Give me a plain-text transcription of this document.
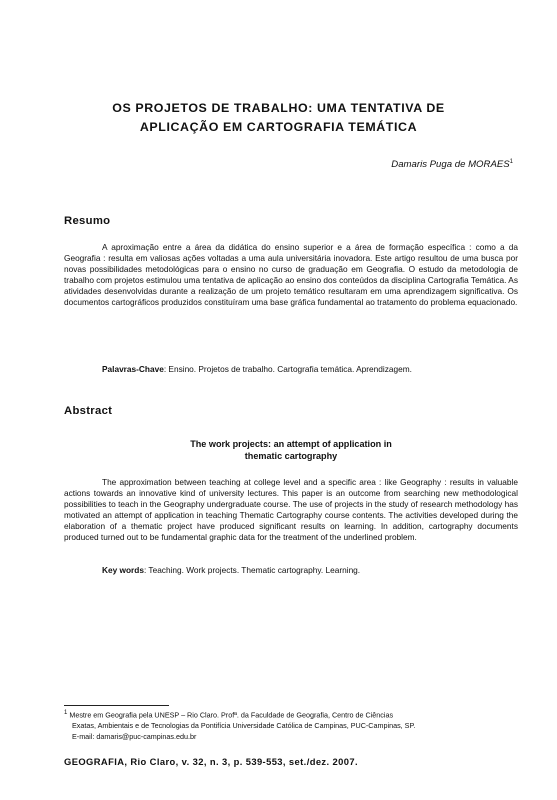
OS PROJETOS DE TRABALHO: UMA TENTATIVA DE
APLICAÇÃO EM CARTOGRAFIA TEMÁTICA
Damaris Puga de MORAES$^1$
Resumo

A aproximação entre a área da didática do ensino superior e a área de formação específica : como a da Geografia : resulta em valiosas ações voltadas a uma aula universitária inovadora. Este artigo resultou de uma busca por novas possibilidades metodológicas para o ensino no curso de graduação em Geografia. O estudo da metodologia de trabalho com projetos estimulou uma tentativa de aplicação ao ensino dos conteúdos da disciplina Cartografia Temática. As atividades desenvolvidas durante a realização de um projeto temático resultaram em uma aprendizagem significativa. Os documentos cartográficos produzidos constituíram uma base gráfica fundamental ao tratamento do problema equacionado.

Palavras-Chave: Ensino. Projetos de trabalho. Cartografia temática. Aprendizagem.
Abstract
The work projects: an attempt of application in
thematic cartography

The approximation between teaching at college level and a specific area : like Geography : results in valuable actions towards an innovative kind of university lectures. This paper is an outcome from searching new methodological possibilities to teach in the Geography undergraduate course. The use of projects in the study of research methodology has motivated an attempt of application in teaching Thematic Cartography course contents. The activities developed during the elaboration of a thematic project have produced significant results on learning. In addition, cartography documents produced turned out to be fundamental graphic data for the treatment of the underlined problem.

Key words: Teaching. Work projects. Thematic cartography. Learning.
$^1$ Mestre em Geografia pela UNESP – Rio Claro. Profª. da Faculdade de Geografia, Centro de Ciências
Exatas, Ambientais e de Tecnologias da Pontifícia Universidade Católica de Campinas, PUC-Campinas, SP.
E-mail: damaris@puc-campinas.edu.br
GEOGRAFIA, Rio Claro, v. 32, n. 3, p. 539-553, set./dez. 2007.
